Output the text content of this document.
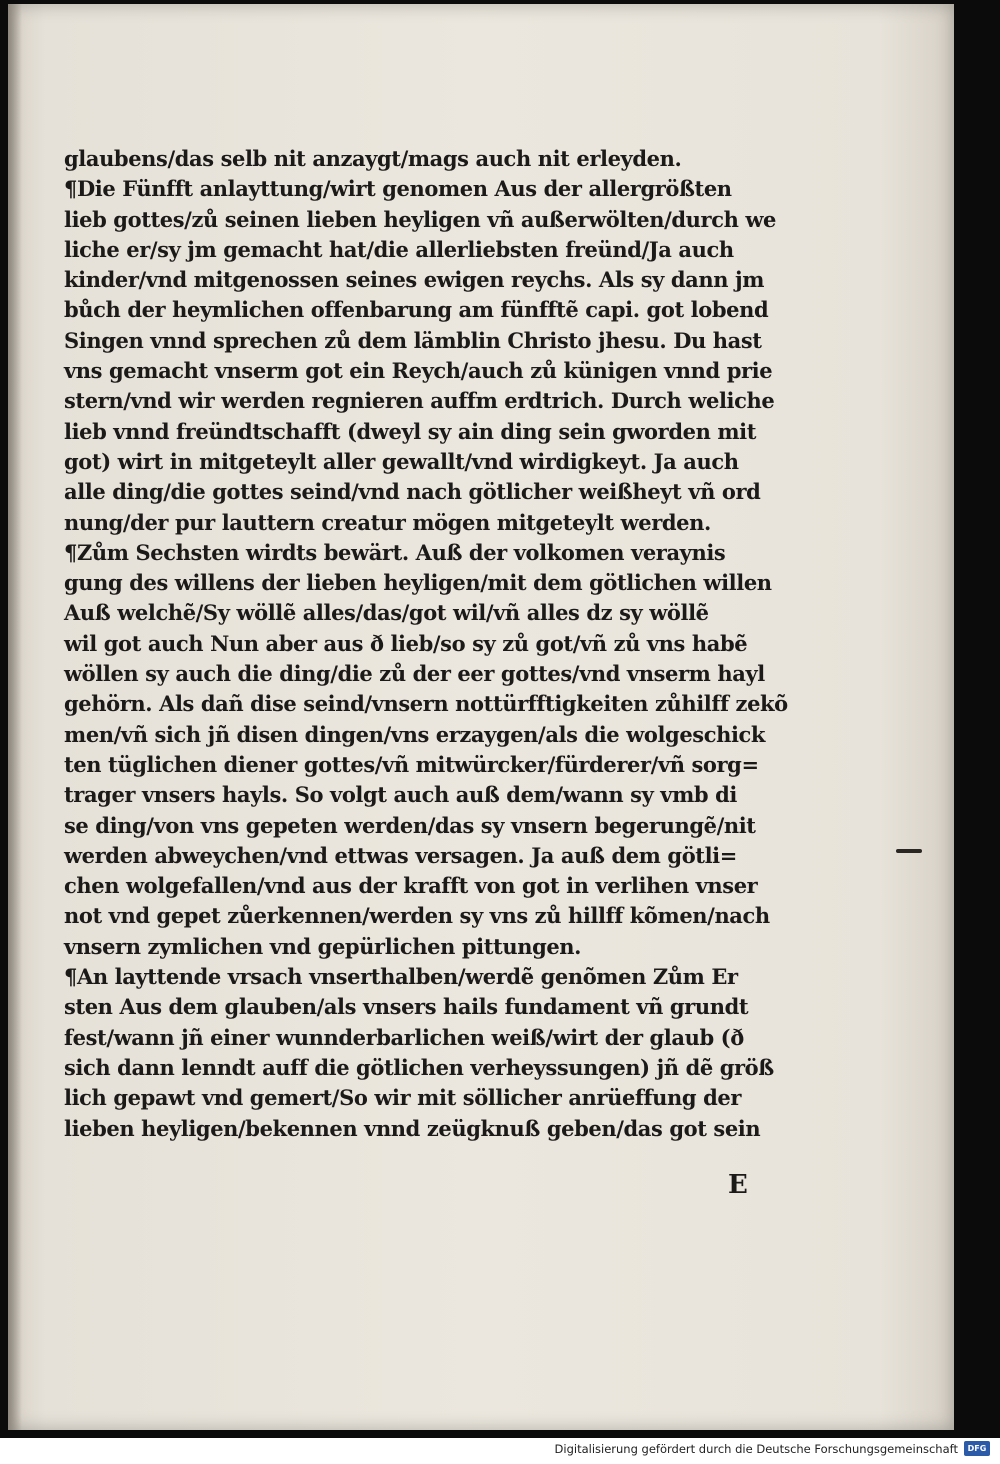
glaubens/das selb nit anzaygt/mags auch nit erleyden.
¶Die Fünfft anlayttung/wirt genomen Aus der allergrößten
lieb gottes/zů seinen lieben heyligen vñ außerwölten/durch we
liche er/sy jm gemacht hat/die allerliebsten freünd/Ja auch
kinder/vnd mitgenossen seines ewigen reychs. Als sy dann jm
bůch der heymlichen offenbarung am fünfftẽ capi. got lobend
Singen vnnd sprechen zů dem lämblin Christo jhesu. Du hast
vns gemacht vnserm got ein Reych/auch zů künigen vnnd prie
stern/vnd wir werden regnieren auffm erdtrich. Durch weliche
lieb vnnd freündtschafft (dweyl sy ain ding sein gworden mit
got) wirt in mitgeteylt aller gewallt/vnd wirdigkeyt. Ja auch
alle ding/die gottes seind/vnd nach götlicher weißheyt vñ ord
nung/der pur lauttern creatur mögen mitgeteylt werden.
¶Zům Sechsten wirdts bewärt. Auß der volkomen veraynis
gung des willens der lieben heyligen/mit dem götlichen willen
Auß welchẽ/Sy wöllẽ alles/das/got wil/vñ alles dz sy wöllẽ
wil got auch Nun aber aus ð lieb/so sy zů got/vñ zů vns habẽ
wöllen sy auch die ding/die zů der eer gottes/vnd vnserm hayl
gehörn. Als dañ dise seind/vnsern nottürfftigkeiten zůhilff zekõ
men/vñ sich jñ disen dingen/vns erzaygen/als die wolgeschick
ten tüglichen diener gottes/vñ mitwürcker/fürderer/vñ sorg=
trager vnsers hayls. So volgt auch auß dem/wann sy vmb di
se ding/von vns gepeten werden/das sy vnsern begerungẽ/nit
werden abweychen/vnd ettwas versagen. Ja auß dem götli=
chen wolgefallen/vnd aus der krafft von got in verlihen vnser
not vnd gepet zůerkennen/werden sy vns zů hillff kõmen/nach
vnsern zymlichen vnd gepürlichen pittungen.
¶An layttende vrsach vnserthalben/werdẽ genõmen Zům Er
sten Aus dem glauben/als vnsers hails fundament vñ grundt
fest/wann jñ einer wunnderbarlichen weiß/wirt der glaub (ð
sich dann lenndt auff die götlichen verheyssungen) jñ dẽ größ
lich gepawt vnd gemert/So wir mit söllicher anrüeffung der
lieben heyligen/bekennen vnnd zeügknuß geben/das got sein
E
Digitalisierung gefördert durch die Deutsche Forschungsgemeinschaft	DFG
